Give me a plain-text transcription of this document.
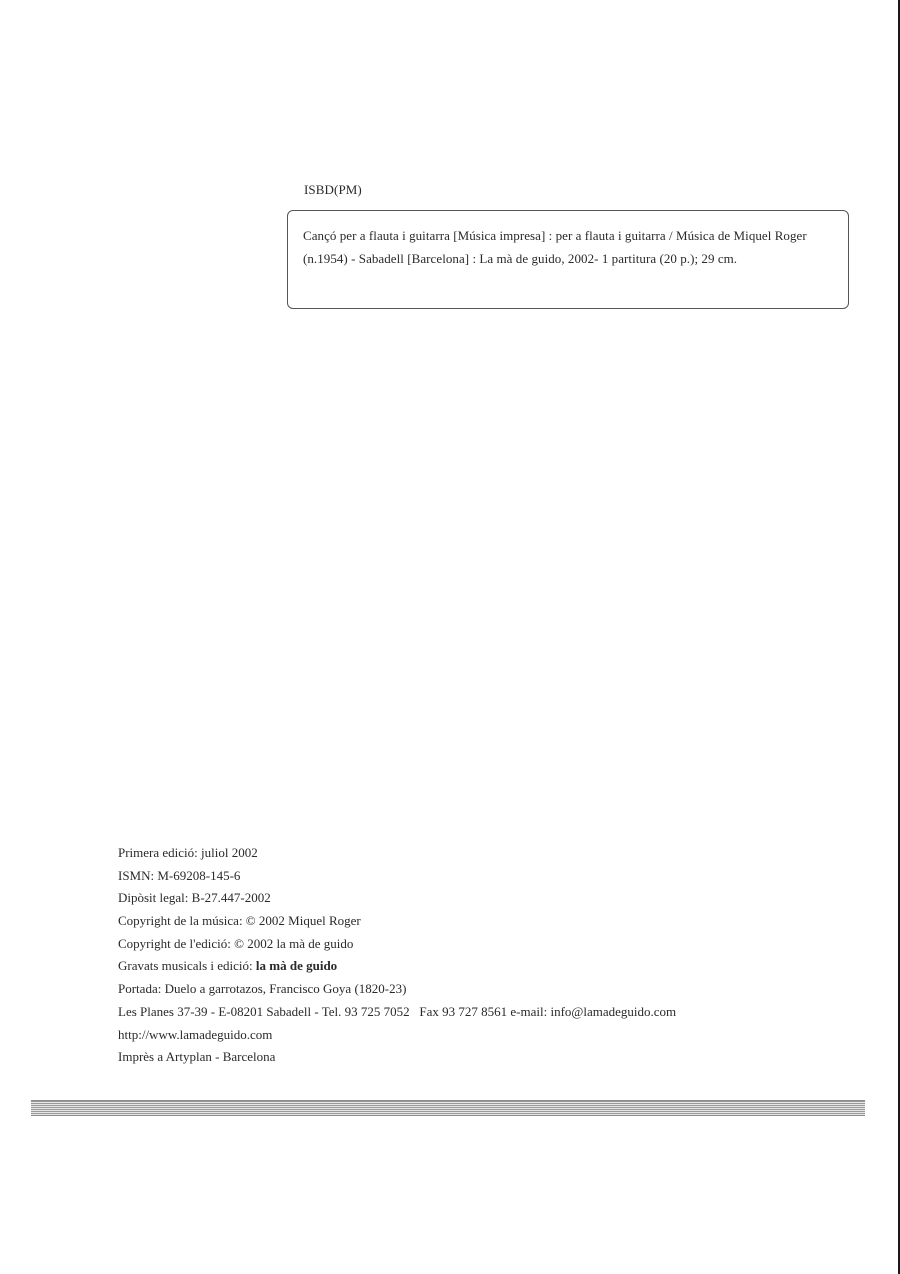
ISBD(PM)
Cançó per a flauta i guitarra [Música impresa] : per a flauta i guitarra / Música de Miquel Roger (n.1954) - Sabadell [Barcelona] : La mà de guido, 2002- 1 partitura (20 p.); 29 cm.
Primera edició: juliol 2002
ISMN: M-69208-145-6
Dipòsit legal: B-27.447-2002
Copyright de la música: © 2002 Miquel Roger
Copyright de l'edició: © 2002 la mà de guido
Gravats musicals i edició: la mà de guido
Portada: Duelo a garrotazos, Francisco Goya (1820-23)
Les Planes 37-39 - E-08201 Sabadell - Tel. 93 725 7052   Fax 93 727 8561 e-mail: info@lamadeguido.com
http://www.lamadeguido.com
Imprès a Artyplan - Barcelona
